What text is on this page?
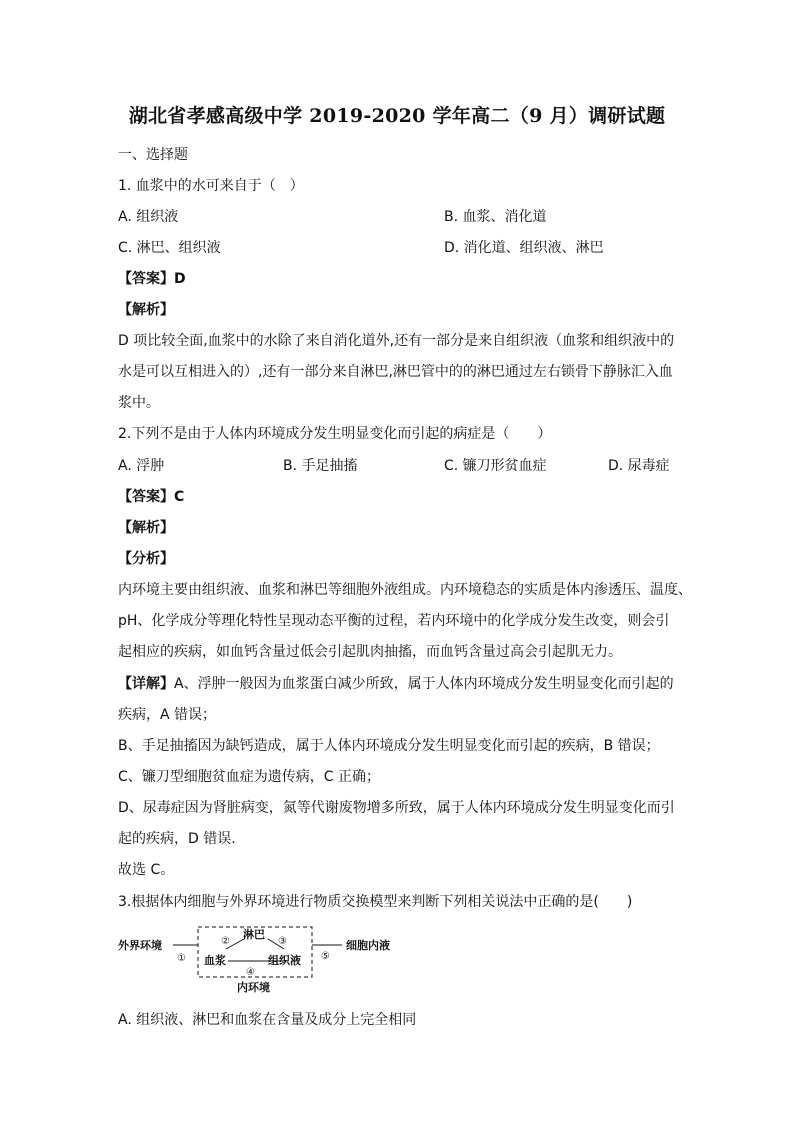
湖北省孝感高级中学 2019-2020 学年高二（9 月）调研试题
一、选择题
1. 血浆中的水可来自于（　）
A. 组织液	B. 血浆、消化道
C. 淋巴、组织液	D. 消化道、组织液、淋巴
【答案】D
【解析】
D 项比较全面,血浆中的水除了来自消化道外,还有一部分是来自组织液（血浆和组织液中的
水是可以互相进入的）,还有一部分来自淋巴,淋巴管中的的淋巴通过左右锁骨下静脉汇入血
浆中。
2.下列不是由于人体内环境成分发生明显变化而引起的病症是（　　）
A. 浮肿	B. 手足抽搐	C. 镰刀形贫血症	D. 尿毒症
【答案】C
【解析】
【分析】
内环境主要由组织液、血浆和淋巴等细胞外液组成。内环境稳态的实质是体内渗透压、温度、
pH、化学成分等理化特性呈现动态平衡的过程，若内环境中的化学成分发生改变，则会引
起相应的疾病，如血钙含量过低会引起肌肉抽搐，而血钙含量过高会引起肌无力。
【详解】A、浮肿一般因为血浆蛋白减少所致，属于人体内环境成分发生明显变化而引起的
疾病，A 错误；
B、手足抽搐因为缺钙造成，属于人体内环境成分发生明显变化而引起的疾病，B 错误；
C、镰刀型细胞贫血症为遗传病，C 正确；
D、尿毒症因为肾脏病变，氮等代谢废物增多所致，属于人体内环境成分发生明显变化而引
起的疾病，D 错误.
故选 C。
3.根据体内细胞与外界环境进行物质交换模型来判断下列相关说法中正确的是(　　)
外界环境
①
淋巴
②	③
血浆	组织液
④
⑤
细胞内液
内环境
A. 组织液、淋巴和血浆在含量及成分上完全相同
